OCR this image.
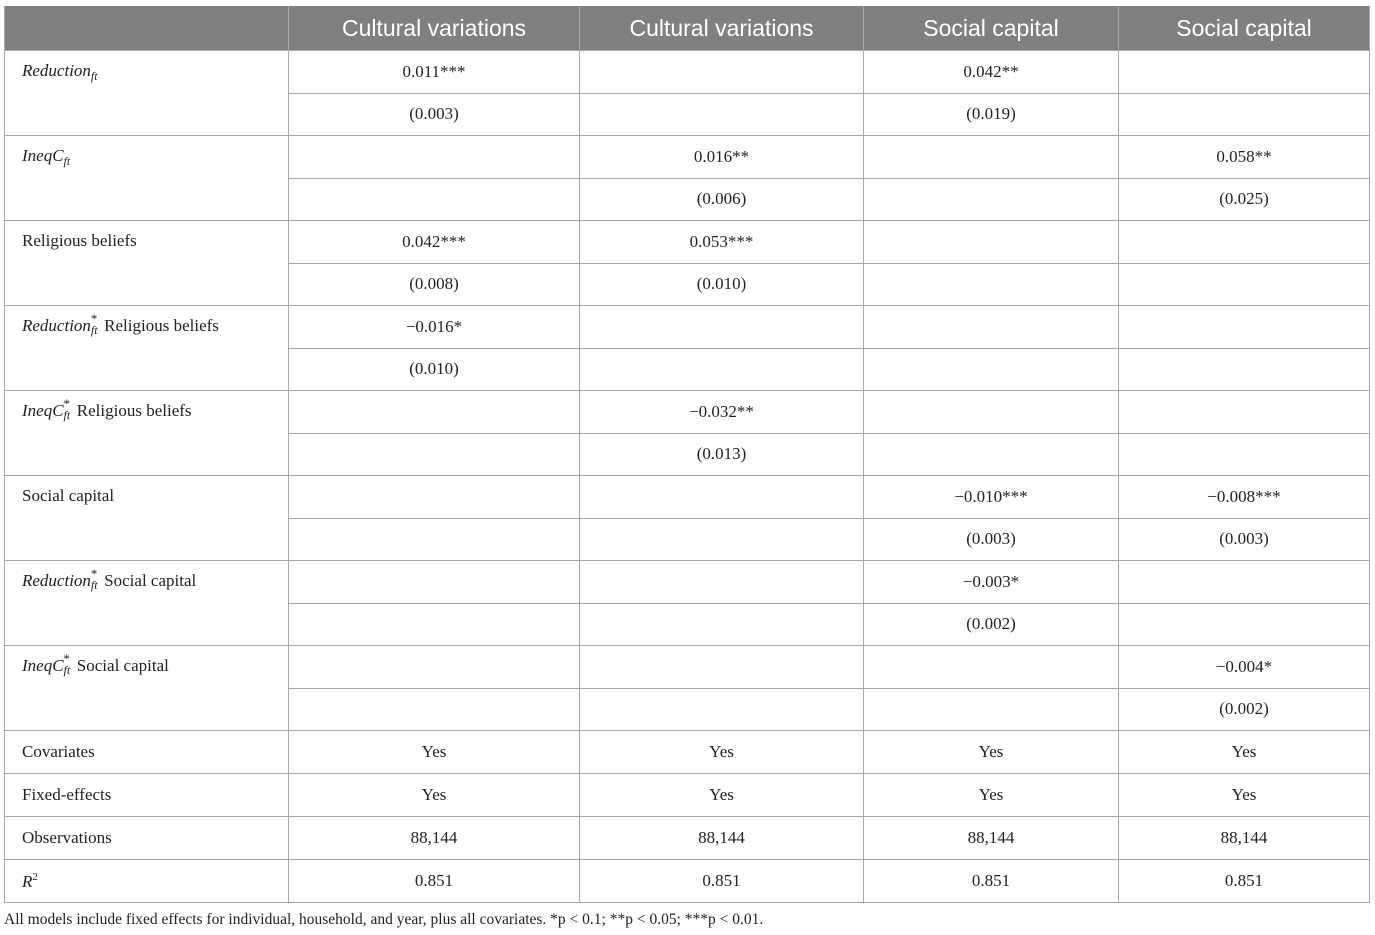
	Cultural variations	Cultural variations	Social capital	Social capital
Reduction$_{ft}$	0.011***		0.042**	
	(0.003)		(0.019)	
IneqC$_{ft}$		0.016**		0.058**
		(0.006)		(0.025)
Religious beliefs	0.042***	0.053***		
	(0.008)	(0.010)		
Reduction *
ft Religious beliefs	−0.016*			
	(0.010)			
IneqC *
ft Religious beliefs		−0.032**		
		(0.013)		
Social capital			−0.010***	−0.008***
			(0.003)	(0.003)
Reduction *
ft Social capital			−0.003*	
			(0.002)	
IneqC *
ft Social capital				−0.004*
				(0.002)
Covariates	Yes	Yes	Yes	Yes
Fixed-effects	Yes	Yes	Yes	Yes
Observations	88,144	88,144	88,144	88,144
$R^2$	0.851	0.851	0.851	0.851
All models include fixed effects for individual, household, and year, plus all covariates. *p < 0.1; **p < 0.05; ***p < 0.01.
